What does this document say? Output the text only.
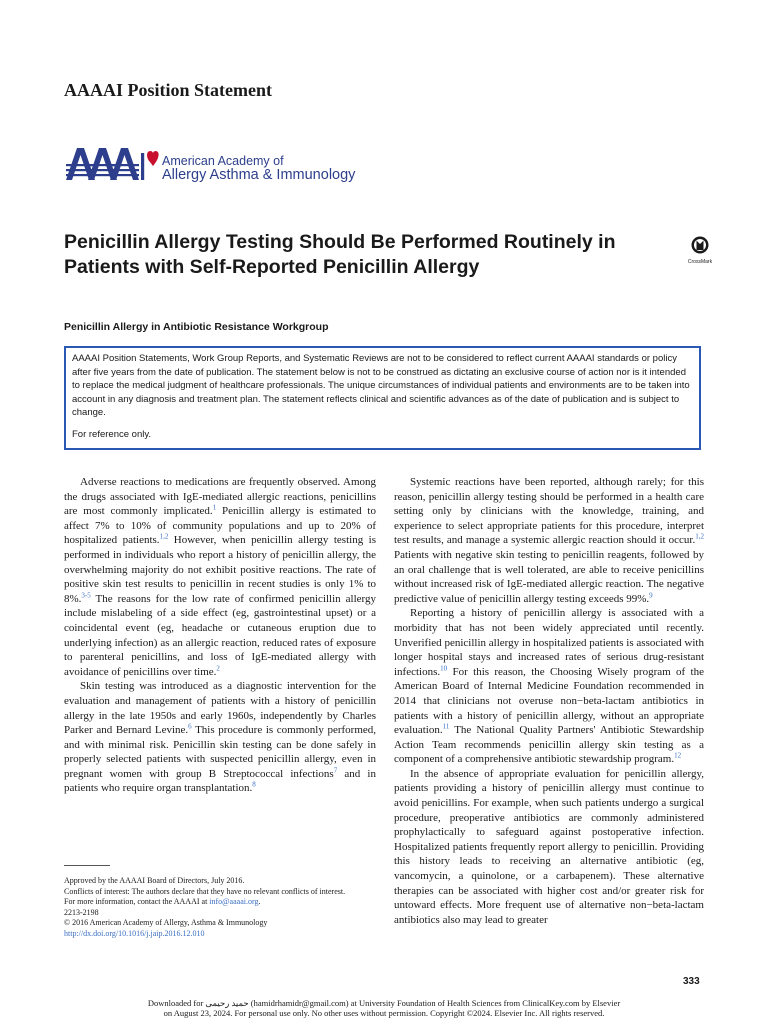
AAAAI Position Statement
American Academy of
Allergy Asthma & Immunology
Penicillin Allergy Testing Should Be Performed Routinely in Patients with Self-Reported Penicillin Allergy	CrossMark
Penicillin Allergy in Antibiotic Resistance Workgroup

AAAAI Position Statements, Work Group Reports, and Systematic Reviews are not to be considered to reflect current AAAAI standards or policy after five years from the date of publication. The statement below is not to be construed as dictating an exclusive course of action nor is it intended to replace the medical judgment of healthcare professionals. The unique circumstances of individual patients and environments are to be taken into account in any diagnosis and treatment plan. The statement reflects clinical and scientific advances as of the date of publication and is subject to change.

For reference only.

Adverse reactions to medications are frequently observed. Among the drugs associated with IgE-mediated allergic reactions, penicillins are most commonly implicated.$^1$ Penicillin allergy is estimated to affect 7% to 10% of community populations and up to 20% of hospitalized patients.$^{1,2}$ However, when penicillin allergy testing is performed in individuals who report a history of penicillin allergy, the overwhelming majority do not exhibit positive reactions. The rate of positive skin test results to penicillin in recent studies is only 1% to 8%.$^{3-5}$ The reasons for the low rate of confirmed penicillin allergy include mislabeling of a side effect (eg, gastrointestinal upset) or a coincidental event (eg, headache or cutaneous eruption due to underlying infection) as an allergic reaction, reduced rates of exposure to parenteral penicillins, and loss of IgE-mediated allergy with avoidance of penicillins over time.$^2$

Skin testing was introduced as a diagnostic intervention for the evaluation and management of patients with a history of penicillin allergy in the late 1950s and early 1960s, independently by Charles Parker and Bernard Levine.$^6$ This procedure is commonly performed, and with minimal risk. Penicillin skin testing can be done safely in properly selected patients with suspected penicillin allergy, even in pregnant women with group B Streptococcal infections$^7$ and in patients who require organ transplantation.$^8$

Systemic reactions have been reported, although rarely; for this reason, penicillin allergy testing should be performed in a health care setting only by clinicians with the knowledge, training, and experience to select appropriate patients for this procedure, interpret test results, and manage a systemic allergic reaction should it occur.$^{1,2}$ Patients with negative skin testing to penicillin reagents, followed by an oral challenge that is well tolerated, are able to receive penicillins without increased risk of IgE-mediated allergic reaction. The negative predictive value of penicillin allergy testing exceeds 99%.$^9$

Reporting a history of penicillin allergy is associated with a morbidity that has not been widely appreciated until recently. Unverified penicillin allergy in hospitalized patients is associated with longer hospital stays and increased rates of serious drug-resistant infections.$^{10}$ For this reason, the Choosing Wisely program of the American Board of Internal Medicine Foundation recommended in 2014 that clinicians not overuse non−beta-lactam antibiotics in patients with a history of penicillin allergy, without an appropriate evaluation.$^{11}$ The National Quality Partners' Antibiotic Stewardship Action Team recommends penicillin allergy skin testing as a component of a comprehensive antibiotic stewardship program.$^{12}$

In the absence of appropriate evaluation for penicillin allergy, patients providing a history of penicillin allergy must continue to avoid penicillins. For example, when such patients undergo a surgical procedure, preoperative antibiotics are commonly administered prophylactically to safeguard against postoperative infection. Hospitalized patients frequently report allergy to penicillin. Providing this history leads to receiving an alternative antibiotic (eg, vancomycin, a quinolone, or a carbapenem). These alternative therapies can be associated with higher cost and/or greater risk for untoward effects. More frequent use of alternative non−beta-lactam antibiotics also may lead to greater

Approved by the AAAAI Board of Directors, July 2016.

Conflicts of interest: The authors declare that they have no relevant conflicts of interest.

For more information, contact the AAAAI at info@aaaai.org.

2213-2198

© 2016 American Academy of Allergy, Asthma & Immunology

http://dx.doi.org/10.1016/j.jaip.2016.12.010

333
Downloaded for حمید رحیمی (hamidrhamidr@gmail.com) at University Foundation of Health Sciences from ClinicalKey.com by Elsevier
on August 23, 2024. For personal use only. No other uses without permission. Copyright ©2024. Elsevier Inc. All rights reserved.
